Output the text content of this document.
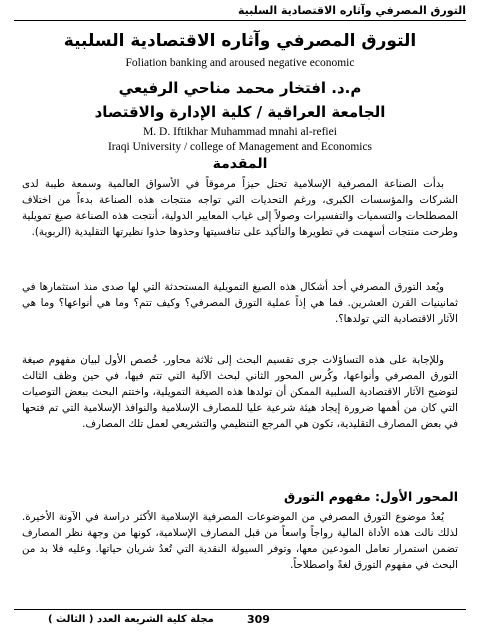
التورق المصرفي وآثاره الاقتصادية السلبية
التورق المصرفي وآثاره الاقتصادية السلبية
Foliation banking and aroused negative economic
م.د. افتخار محمد مناحي الرفيعي
الجامعة العراقية / كلية الإدارة والاقتصاد
M. D. Iftikhar Muhammad mnahi al-refiei
Iraqi University / college of Management and Economics
المقدمة

بدأت الصناعة المصرفية الإسلامية تحتل حيزاً مرموقاً في الأسواق العالمية وسمعة طيبة لدى الشركات والمؤسسات الكبرى، ورغم التحديات التي تواجه منتجات هذه الصناعة بدءاً من اختلاف المصطلحات والتسميات والتفسيرات وصولاً إلى غياب المعايير الدولية، أنتجت هذه الصناعة صيغ تمويلية وطرحت منتجات أسهمت في تطويرها والتأكيد على تنافسيتها وحذوها حذوا نظيرتها التقليدية (الربوية).

ويُعد التورق المصرفي أحد أشكال هذه الصيغ التمويلية المستحدثة التي لها صدى منذ استثمارها في ثمانينيات القرن العشرين. فما هي إذاً عملية التورق المصرفي؟ وكيف تتم؟ وما هي أنواعها؟ وما هي الآثار الاقتصادية التي تولدها؟.

وللإجابة على هذه التساؤلات جرى تقسيم البحث إلى ثلاثة محاور. خُصص الأول لبيان مفهوم صيغة التورق المصرفي وأنواعها، وكُرس المحور الثاني لبحث الآلية التي تتم فيها، في حين وظف الثالث لتوضيح الآثار الاقتصادية السلبية الممكن أن تولدها هذه الصيغة التمويلية، واختتم البحث ببعض التوصيات التي كان من أهمها ضرورة إيجاد هيئة شرعية عليا للمصارف الإسلامية والنوافذ الإسلامية التي تم فتحها في بعض المصارف التقليدية، تكون هي المرجع التنظيمي والتشريعي لعمل تلك المصارف.

المحور الأول: مفهوم التورق

يُعدُ موضوع التورق المصرفي من الموضوعات المصرفية الإسلامية الأكثر دراسة في الآونة الأخيرة. لذلك نالت هذه الأداة المالية رواجاً واسعاً من قبل المصارف الإسلامية، كونها من وجهة نظر المصارف تضمن استمرار تعامل المودعين معها، وتوفر السيولة النقدية التي تُعدُ شريان حياتها. وعليه فلا بد من البحث في مفهوم التورق لغةً واصطلاحاً.

مجلة كلية الشريعة العدد ( الثالث )	309
